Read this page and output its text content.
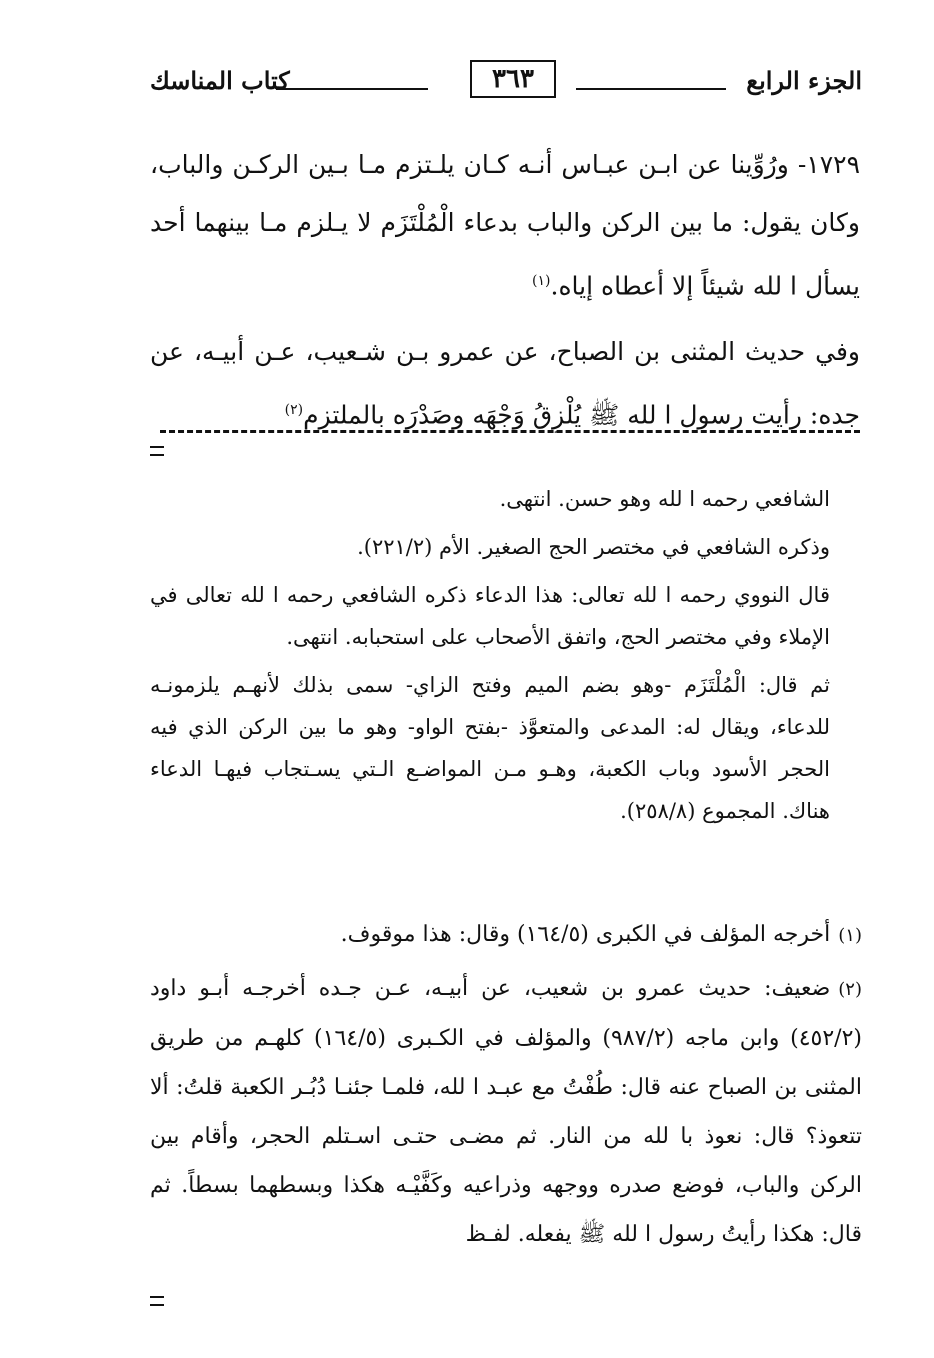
الجزء الرابع
٣٦٣
كتاب المناسك

١٧٢٩- ورُوِّينا عن ابـن عبـاس أنـه كـان يلـتزم مـا بـين الركـن والباب، وكان يقول: ما بين الركن والباب بدعاء الْمُلْتَزَم لا يـلزم مـا بينهما أحد يسأل ا لله شيئاً إلا أعطاه إياه.$^{(١)}$

وفي حديث المثنى بن الصباح، عن عمرو بـن شـعيب، عـن أبيـه، عن جده: رأيت رسول ا لله ﷺ يُلْزِقُ وَجْهَه وصَدْرَه بالملتزم$^{(٢)}$

الشافعي رحمه ا لله وهو حسن. انتهى.

وذكره الشافعي في مختصر الحج الصغير. الأم (٢٢١/٢).

قال النووي رحمه ا لله تعالى: هذا الدعاء ذكره الشافعي رحمه ا لله تعالى في الإملاء وفي مختصر الحج، واتفق الأصحاب على استحبابه. انتهى.

ثم قال: الْمُلْتَزَم -وهو بضم الميم وفتح الزاي- سمى بذلك لأنهـم يلزمونـه للدعاء، ويقال له: المدعى والمتعوَّذ -بفتح الواو- وهو ما بين الركن الذي فيه الحجر الأسود وباب الكعبة، وهـو مـن المواضـع الـتي يسـتجاب فيهـا الدعاء هناك. المجموع (٢٥٨/٨).

(١)أخرجه المؤلف في الكبرى (١٦٤/٥) وقال: هذا موقوف.

(٢)ضعيف: حديث عمرو بن شعيب، عن أبيـه، عـن جـده أخرجـه أبـو داود (٤٥٢/٢) وابن ماجه (٩٨٧/٢) والمؤلف في الكـبرى (١٦٤/٥) كلهـم من طريق المثنى بن الصباح عنه قال: طُفْتُ مع عبـد ا لله، فلمـا جئنـا دُبُـر الكعبة قلتُ: ألا تتعوذ؟ قال: نعوذ با لله من النار. ثم مضـى حتـى اسـتلم الحجر، وأقام بين الركن والباب، فوضع صدره ووجهه وذراعيه وكَفَّيْـه هكذا وبسطهما بسطاً. ثم قال: هكذا رأيتُ رسول ا لله ﷺ يفعله. لفـظ
